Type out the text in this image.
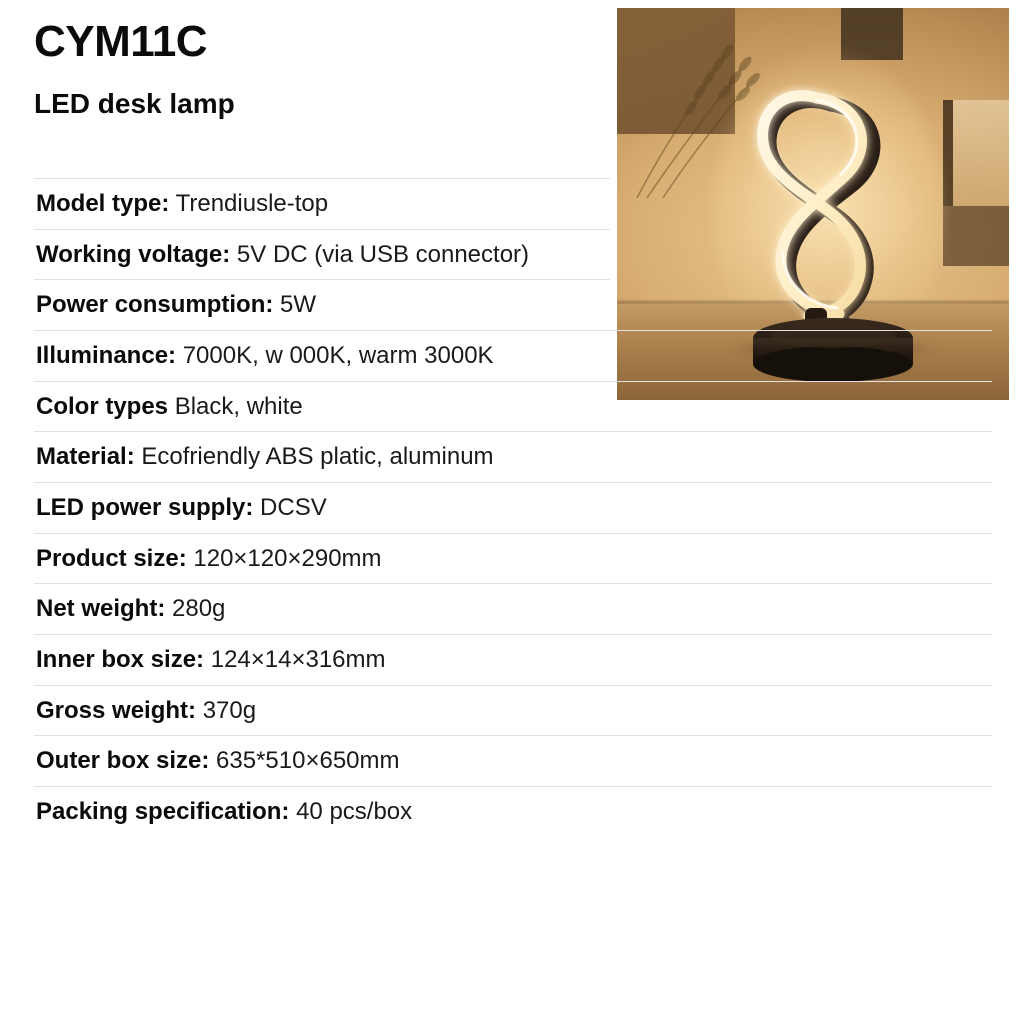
CYM11C
LED desk lamp
Model type: Trendiusle-top
Working voltage: 5V DC (via USB connector)
Power consumption: 5W
Illuminance: 7000K, w 000K, warm 3000K
Color types Black, white
Material: Ecofriendly ABS platic, aluminum
LED power supply: DCSV
Product size: 120×120×290mm
Net weight: 280g
Inner box size: 124×14×316mm
Gross weight: 370g
Outer box size: 635*510×650mm
Packing specification: 40 pcs/box
